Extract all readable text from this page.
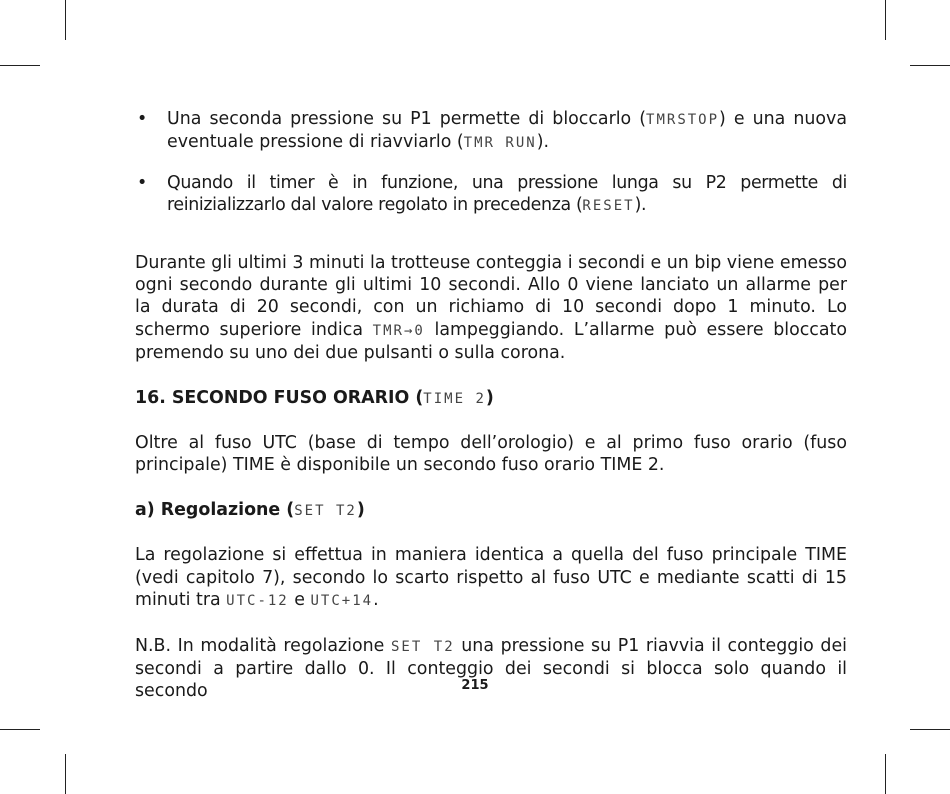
• Una seconda pressione su P1 permette di bloccarlo (TMRSTOP) e una nuova eventuale pressione di riavviarlo (TMR RUN).

• Quando il timer è in funzione, una pressione lunga su P2 permette di reinizializzarlo dal valore regolato in precedenza (RESET).

Durante gli ultimi 3 minuti la trotteuse conteggia i secondi e un bip viene emesso ogni secondo durante gli ultimi 10 secondi. Allo 0 viene lanciato un allarme per la durata di 20 secondi, con un richiamo di 10 secondi dopo 1 minuto. Lo schermo superiore indica TMR→0 lampeggiando. L’allarme può essere bloccato premendo su uno dei due pulsanti o sulla corona.

16. SECONDO FUSO ORARIO (TIME 2)

Oltre al fuso UTC (base di tempo dell’orologio) e al primo fuso orario (fuso principale) TIME è disponibile un secondo fuso orario TIME 2.

a) Regolazione (SET T2)

La regolazione si effettua in maniera identica a quella del fuso principale TIME (vedi capitolo 7), secondo lo scarto rispetto al fuso UTC e mediante scatti di 15 minuti tra UTC-12 e UTC+14.

N.B. In modalità regolazione SET T2 una pressione su P1 riavvia il conteggio dei secondi a partire dallo 0. Il conteggio dei secondi si blocca solo quando il secondo	215
